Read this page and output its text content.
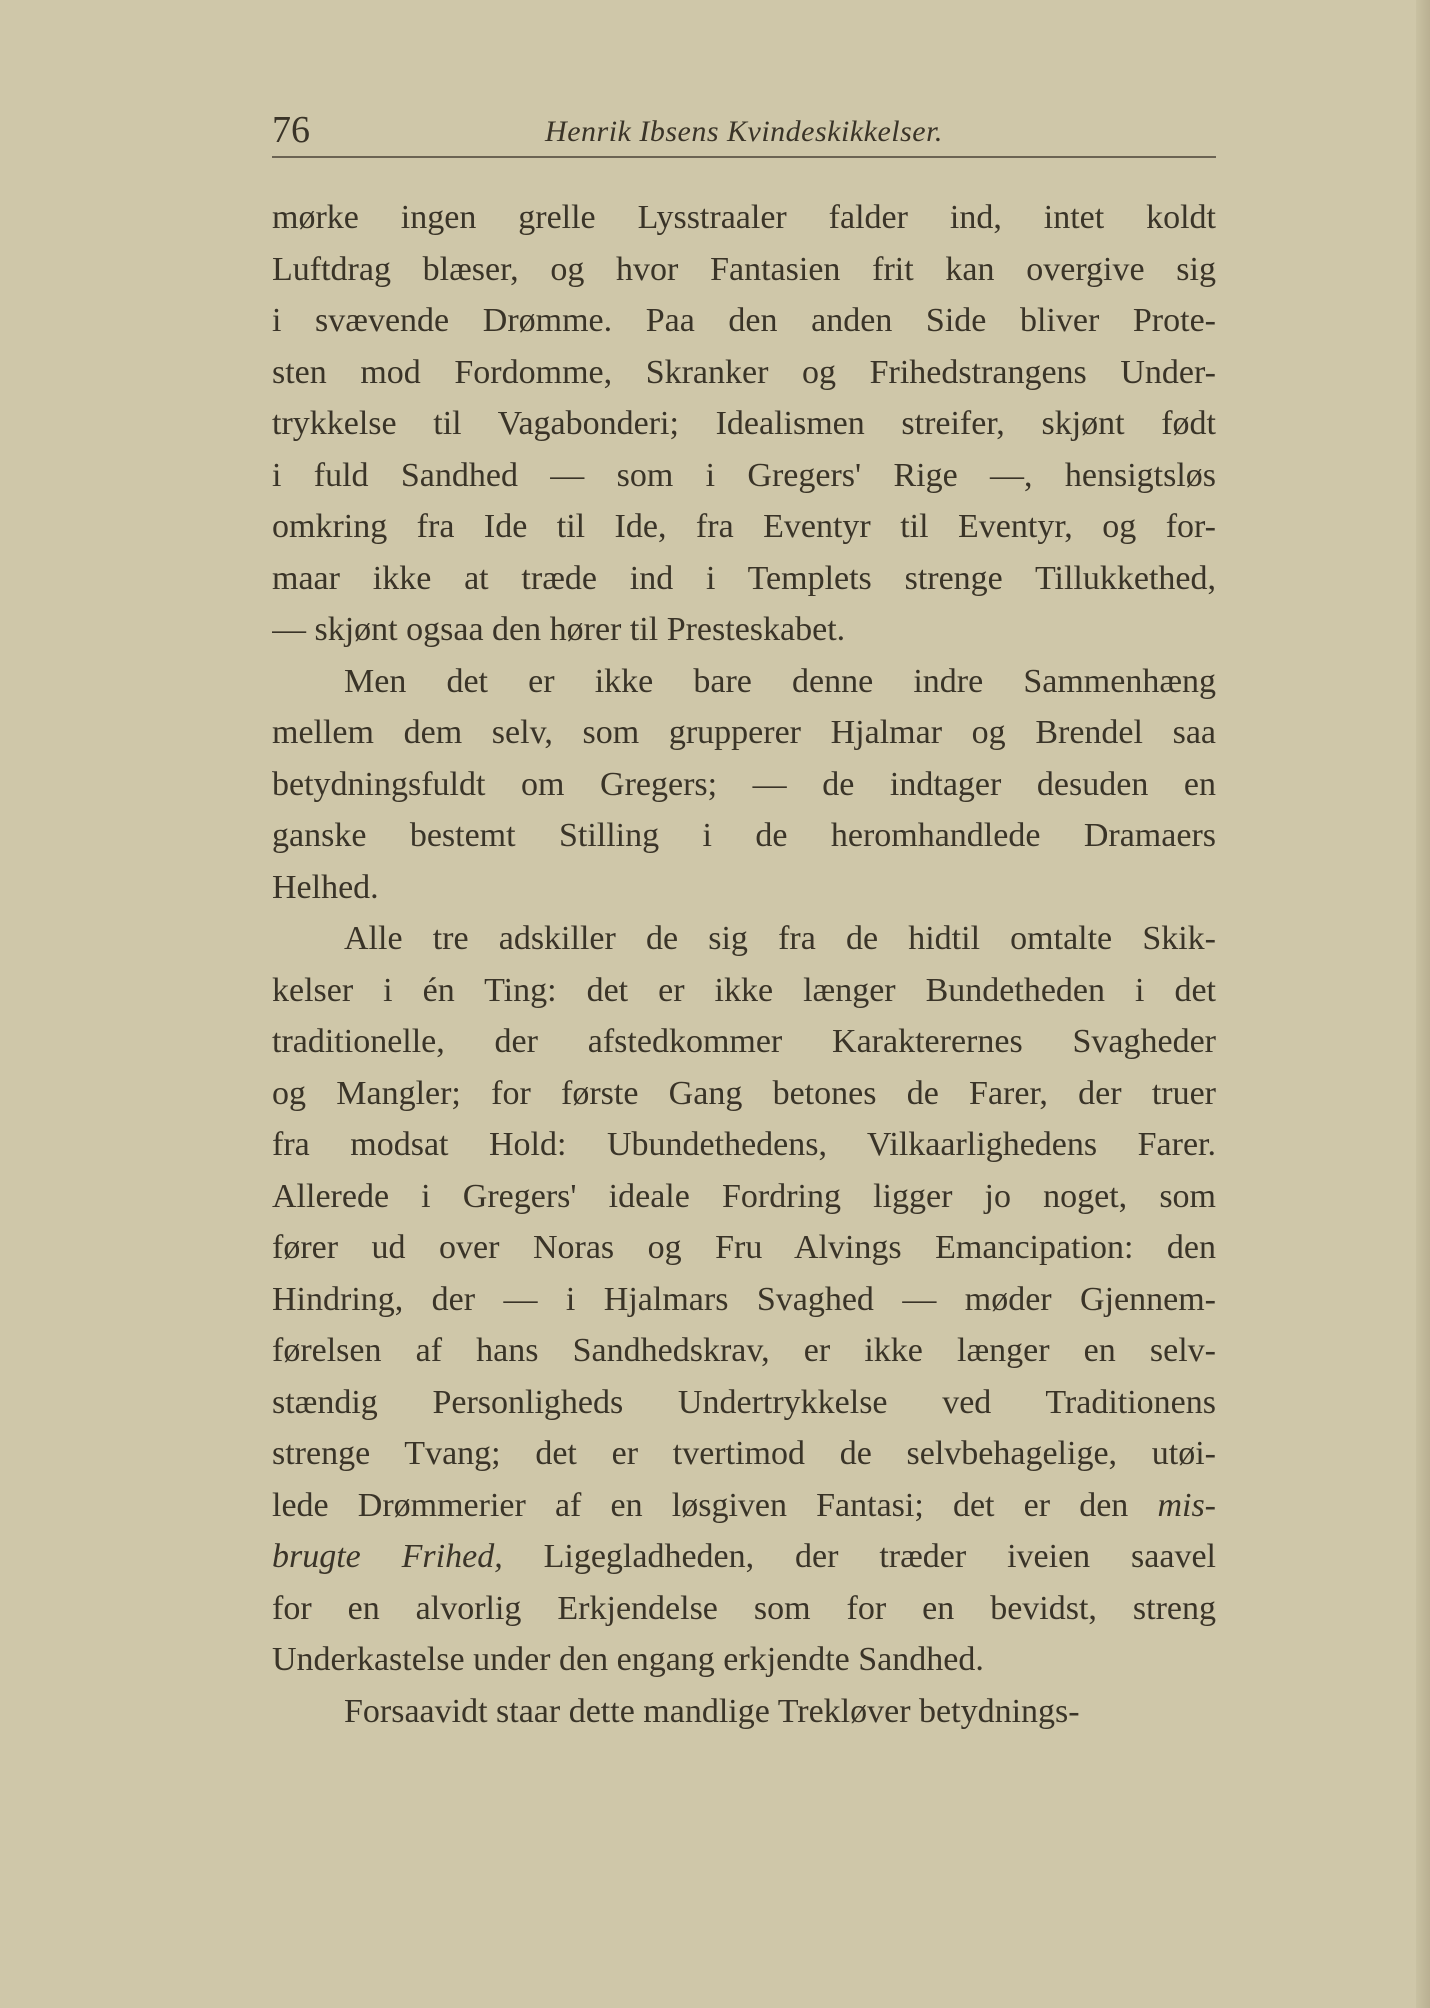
76	Henrik Ibsens Kvindeskikkelser.
mørke ingen grelle Lysstraaler falder ind, intet koldt
Luftdrag blæser, og hvor Fantasien frit kan overgive sig
i svævende Drømme. Paa den anden Side bliver Prote-
sten mod Fordomme, Skranker og Frihedstrangens Under-
trykkelse til Vagabonderi; Idealismen streifer, skjønt født
i fuld Sandhed — som i Gregers' Rige —, hensigtsløs
omkring fra Ide til Ide, fra Eventyr til Eventyr, og for-
maar ikke at træde ind i Templets strenge Tillukkethed,
— skjønt ogsaa den hører til Presteskabet.
Men det er ikke bare denne indre Sammenhæng
mellem dem selv, som grupperer Hjalmar og Brendel saa
betydningsfuldt om Gregers; — de indtager desuden en
ganske bestemt Stilling i de heromhandlede Dramaers
Helhed.
Alle tre adskiller de sig fra de hidtil omtalte Skik-
kelser i én Ting: det er ikke længer Bundetheden i det
traditionelle, der afstedkommer Karakterernes Svagheder
og Mangler; for første Gang betones de Farer, der truer
fra modsat Hold: Ubundethedens, Vilkaarlighedens Farer.
Allerede i Gregers' ideale Fordring ligger jo noget, som
fører ud over Noras og Fru Alvings Emancipation: den
Hindring, der — i Hjalmars Svaghed — møder Gjennem-
førelsen af hans Sandhedskrav, er ikke længer en selv-
stændig Personligheds Undertrykkelse ved Traditionens
strenge Tvang; det er tvertimod de selvbehagelige, utøi-
lede Drømmerier af en løsgiven Fantasi; det er den mis-
brugte Frihed, Ligegladheden, der træder iveien saavel
for en alvorlig Erkjendelse som for en bevidst, streng
Underkastelse under den engang erkjendte Sandhed.
Forsaavidt staar dette mandlige Trekløver betydnings-
